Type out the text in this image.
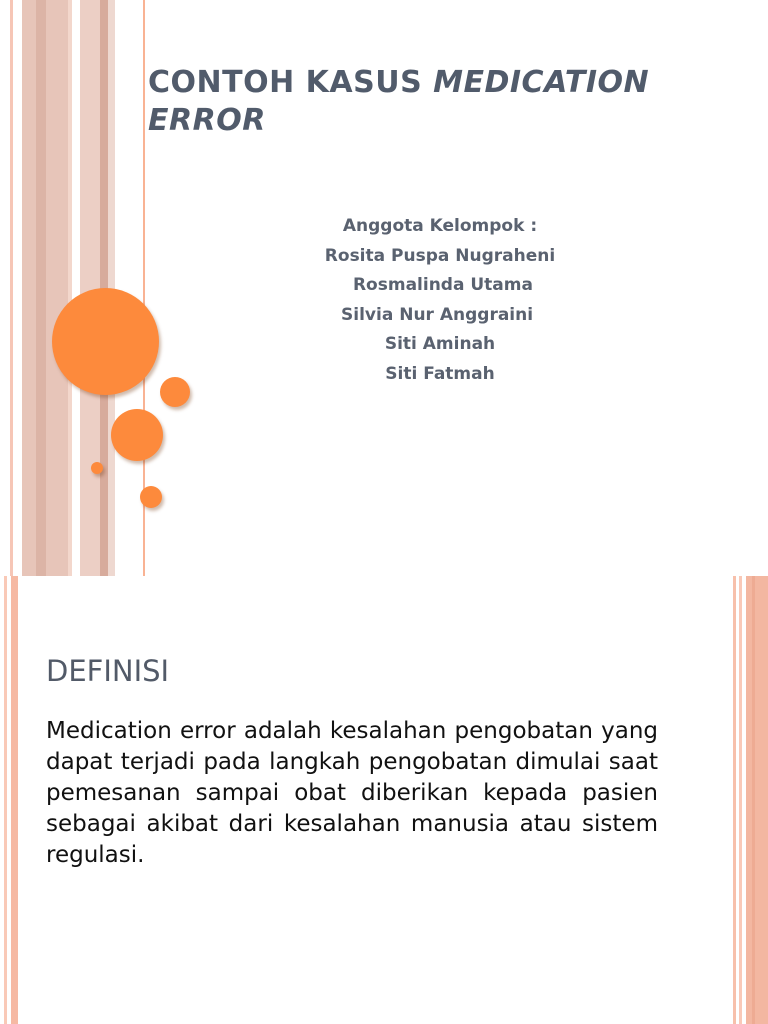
CONTOH KASUS MEDICATION ERROR
Anggota Kelompok :
Rosita Puspa Nugraheni
Rosmalinda Utama
Silvia Nur Anggraini
Siti Aminah
Siti Fatmah
DEFINISI

Medication error adalah kesalahan pengobatan yang dapat terjadi pada langkah pengobatan dimulai saat pemesanan sampai obat diberikan kepada pasien sebagai akibat dari kesalahan manusia atau sistem regulasi.
